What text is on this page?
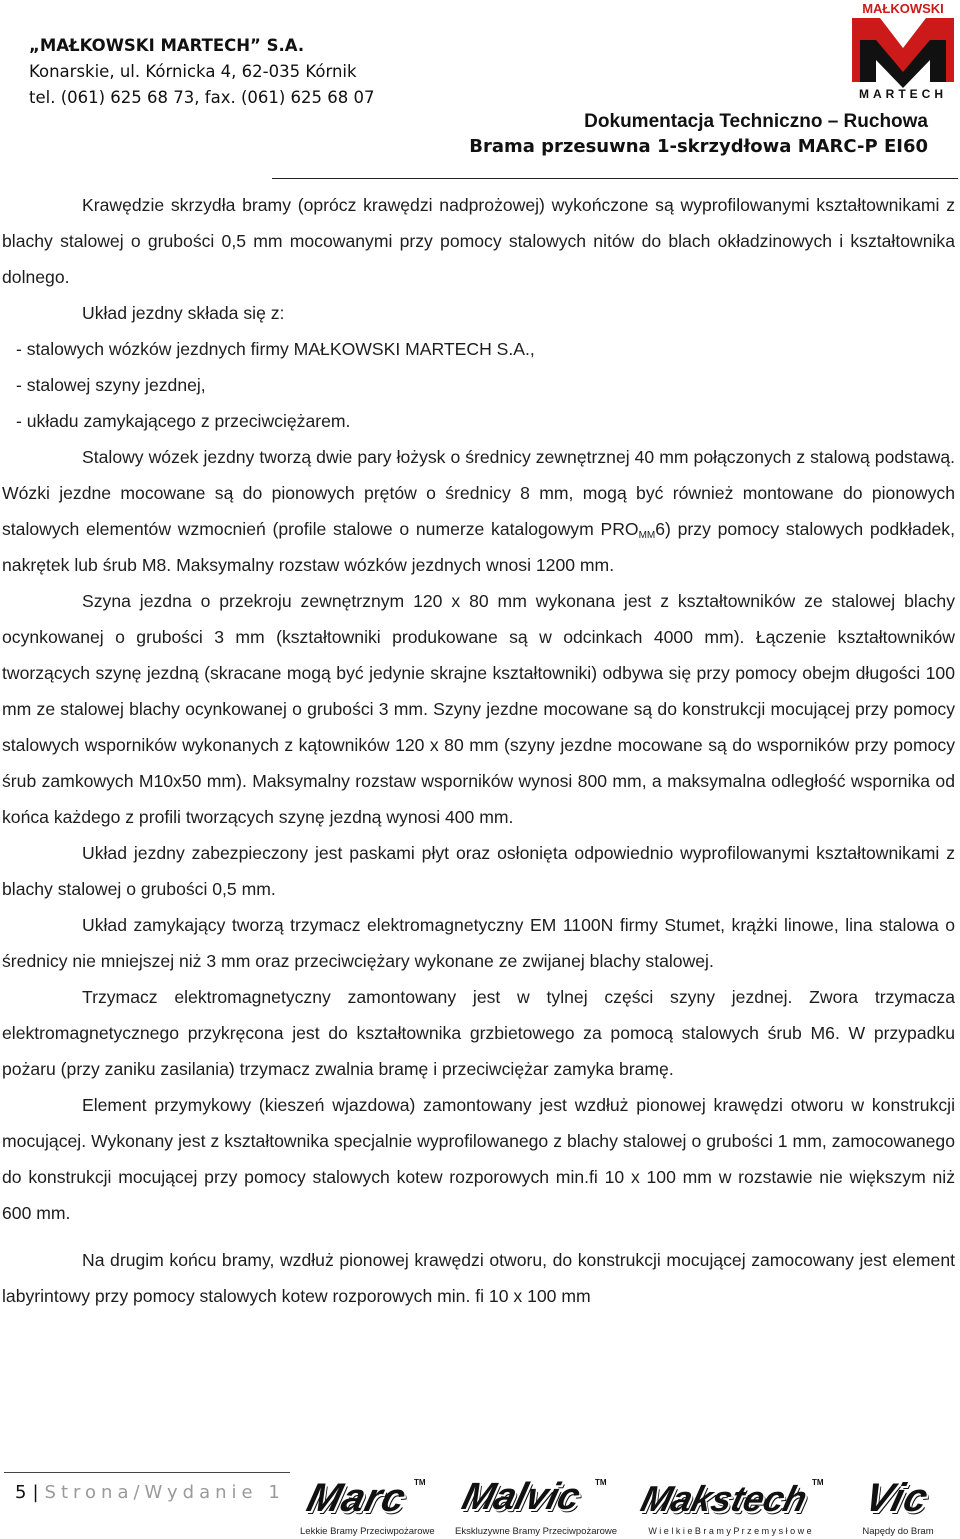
„MAŁKOWSKI MARTECH” S.A.
Konarskie, ul. Kórnicka 4, 62-035 Kórnik
tel. (061) 625 68 73, fax. (061) 625 68 07
MAŁKOWSKI
MARTECH
Dokumentacja Techniczno – Ruchowa
Brama przesuwna 1-skrzydłowa MARC-P EI60

Krawędzie skrzydła bramy (oprócz krawędzi nadprożowej) wykończone są wyprofilowanymi kształtownikami z blachy stalowej o grubości 0,5 mm mocowanymi przy pomocy stalowych nitów do blach okładzinowych i kształtownika dolnego.

Układ jezdny składa się z:

- stalowych wózków jezdnych firmy MAŁKOWSKI MARTECH S.A.,

- stalowej szyny jezdnej,

- układu zamykającego z przeciwciężarem.

Stalowy wózek jezdny tworzą dwie pary łożysk o średnicy zewnętrznej 40 mm połączonych z stalową podstawą. Wózki jezdne mocowane są do pionowych prętów o średnicy 8 mm, mogą być również montowane do pionowych stalowych elementów wzmocnień (profile stalowe o numerze katalogowym $PRO_{MM}6$) przy pomocy stalowych podkładek, nakrętek lub śrub M8. Maksymalny rozstaw wózków jezdnych wnosi 1200 mm.

Szyna jezdna o przekroju zewnętrznym 120 x 80 mm wykonana jest z kształtowników ze stalowej blachy ocynkowanej o grubości 3 mm (kształtowniki produkowane są w odcinkach 4000 mm). Łączenie kształtowników tworzących szynę jezdną (skracane mogą być jedynie skrajne kształtowniki) odbywa się przy pomocy obejm długości 100 mm ze stalowej blachy ocynkowanej o grubości 3 mm. Szyny jezdne mocowane są do konstrukcji mocującej przy pomocy stalowych wsporników wykonanych z kątowników 120 x 80 mm (szyny jezdne mocowane są do wsporników przy pomocy śrub zamkowych M10x50 mm). Maksymalny rozstaw wsporników wynosi 800 mm, a maksymalna odległość wspornika od końca każdego z profili tworzących szynę jezdną wynosi 400 mm.

Układ jezdny zabezpieczony jest paskami płyt oraz osłonięta odpowiednio wyprofilowanymi kształtownikami z blachy stalowej o grubości 0,5 mm.

Układ zamykający tworzą trzymacz elektromagnetyczny EM 1100N firmy Stumet, krążki linowe, lina stalowa o średnicy nie mniejszej niż 3 mm oraz przeciwciężary wykonane ze zwijanej blachy stalowej.

Trzymacz elektromagnetyczny zamontowany jest w tylnej części szyny jezdnej. Zwora trzymacza elektromagnetycznego przykręcona jest do kształtownika grzbietowego za pomocą stalowych śrub M6. W przypadku pożaru (przy zaniku zasilania) trzymacz zwalnia bramę i przeciwciężar zamyka bramę.

Element przymykowy (kieszeń wjazdowa) zamontowany jest wzdłuż pionowej krawędzi otworu w konstrukcji mocującej. Wykonany jest z kształtownika specjalnie wyprofilowanego z blachy stalowej o grubości 1 mm, zamocowanego do konstrukcji mocującej przy pomocy stalowych kotew rozporowych min.fi 10 x 100 mm w rozstawie nie większym niż 600 mm.

Na drugim końcu bramy, wzdłuż pionowej krawędzi otworu, do konstrukcji mocującej zamocowany jest element labyrintowy przy pomocy stalowych kotew rozporowych min. fi 10 x 100 mm

5 | Strona/Wydanie 1 Marc TM
Lekkie Bramy Przeciwpożarowe
Malvic TM
Ekskluzywne Bramy Przeciwpożarowe
Makstech TM
W i e l k i e B r a m y P r z e m y s ł o w e
Vic
Napędy do Bram
